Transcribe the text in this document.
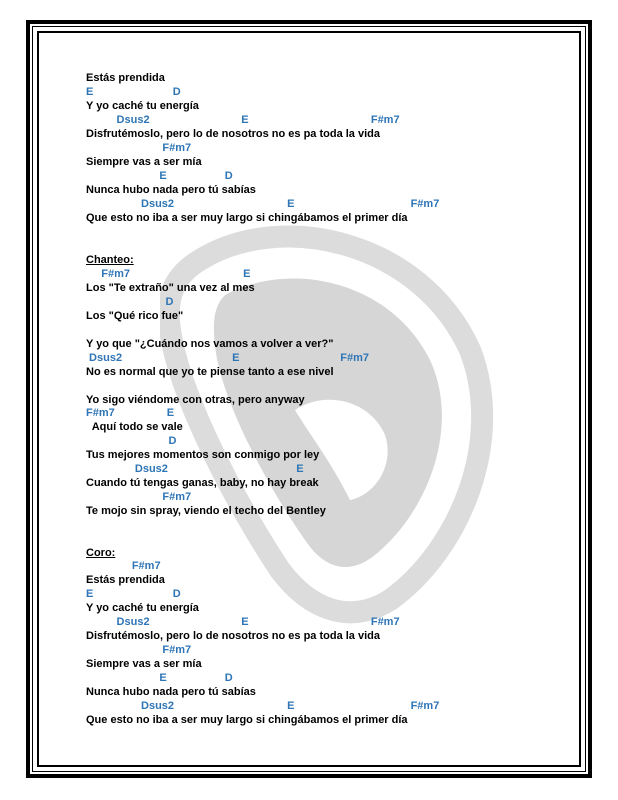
Estás prendida
E                          D
Y yo caché tu energía
Dsus2                              E                                        F#m7
Disfrutémoslo, pero lo de nosotros no es pa toda la vida
F#m7
Siempre vas a ser mía
E                   D
Nunca hubo nada pero tú sabías
Dsus2                                     E                                      F#m7
Que esto no iba a ser muy largo si chingábamos el primer día
Chanteo:
F#m7                                     E
Los "Te extraño" una vez al mes
D
Los "Qué rico fue"
Y yo que "¿Cuándo nos vamos a volver a ver?"
Dsus2                                    E                                 F#m7
No es normal que yo te piense tanto a ese nivel
Yo sigo viéndome con otras, pero anyway
F#m7                 E
Aquí todo se vale
D
Tus mejores momentos son conmigo por ley
Dsus2                                          E
Cuando tú tengas ganas, baby, no hay break
F#m7
Te mojo sin spray, viendo el techo del Bentley
Coro:
F#m7
Estás prendida
E                          D
Y yo caché tu energía
Dsus2                              E                                        F#m7
Disfrutémoslo, pero lo de nosotros no es pa toda la vida
F#m7
Siempre vas a ser mía
E                   D
Nunca hubo nada pero tú sabías
Dsus2                                     E                                      F#m7
Que esto no iba a ser muy largo si chingábamos el primer día
